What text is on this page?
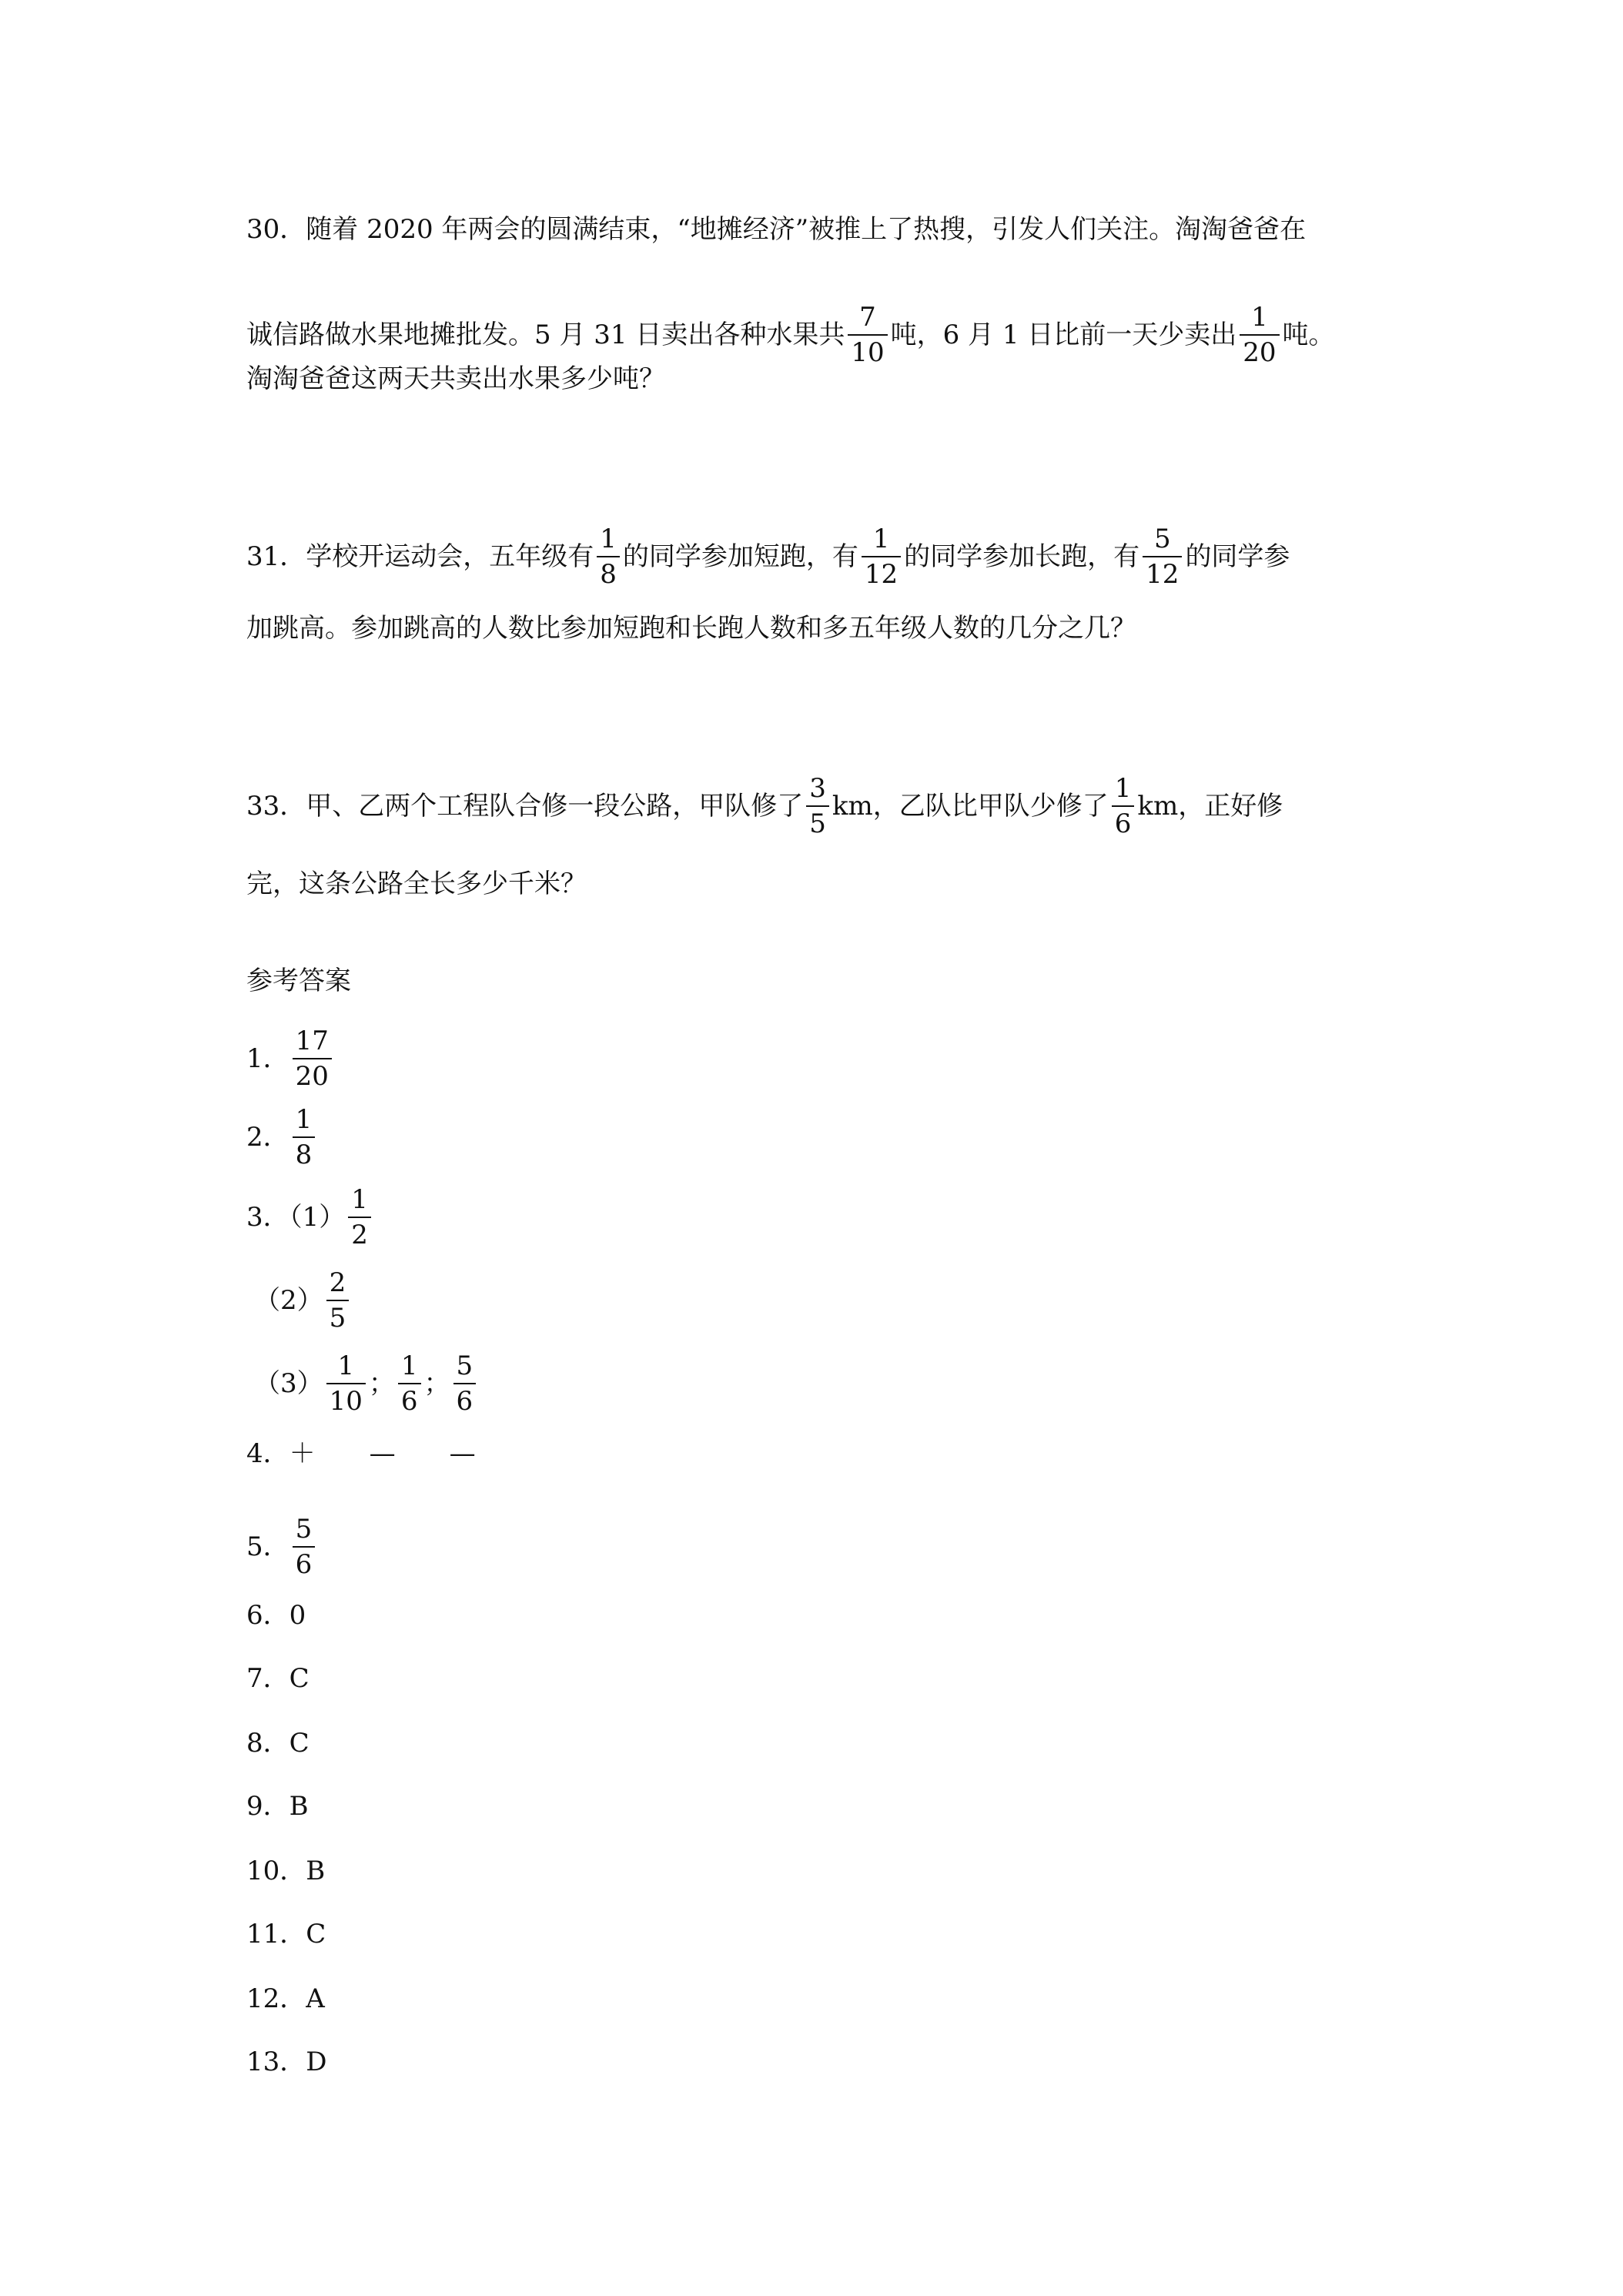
30．随着 2020 年两会的圆满结束，“地摊经济”被推上了热搜，引发人们关注。淘淘爸爸在
诚信路做水果地摊批发。5 月 31 日卖出各种水果共 $\frac{7}{10}$ 吨，6 月 1 日比前一天少卖出 $\frac{1}{20}$ 吨。
淘淘爸爸这两天共卖出水果多少吨？
31．学校开运动会，五年级有 $\frac{1}{8}$ 的同学参加短跑，有 $\frac{1}{12}$ 的同学参加长跑，有 $\frac{5}{12}$ 的同学参
加跳高。参加跳高的人数比参加短跑和长跑人数和多五年级人数的几分之几？
33．甲、乙两个工程队合修一段公路，甲队修了 $\frac{3}{5}$ km，乙队比甲队少修了 $\frac{1}{6}$ km，正好修
完，这条公路全长多少千米？
参考答案
1． $\frac{17}{20}$
2． $\frac{1}{8}$
3．$(1) \frac{1}{2}$
$(2) \frac{2}{5}$
$(3) \frac{1}{10}$ ； $\frac{1}{6}$ ； $\frac{5}{6}$
4．＋ — —
5． $\frac{5}{6}$
6．0
7．C
8．C
9．B
10．B
11．C
12．A
13．D
